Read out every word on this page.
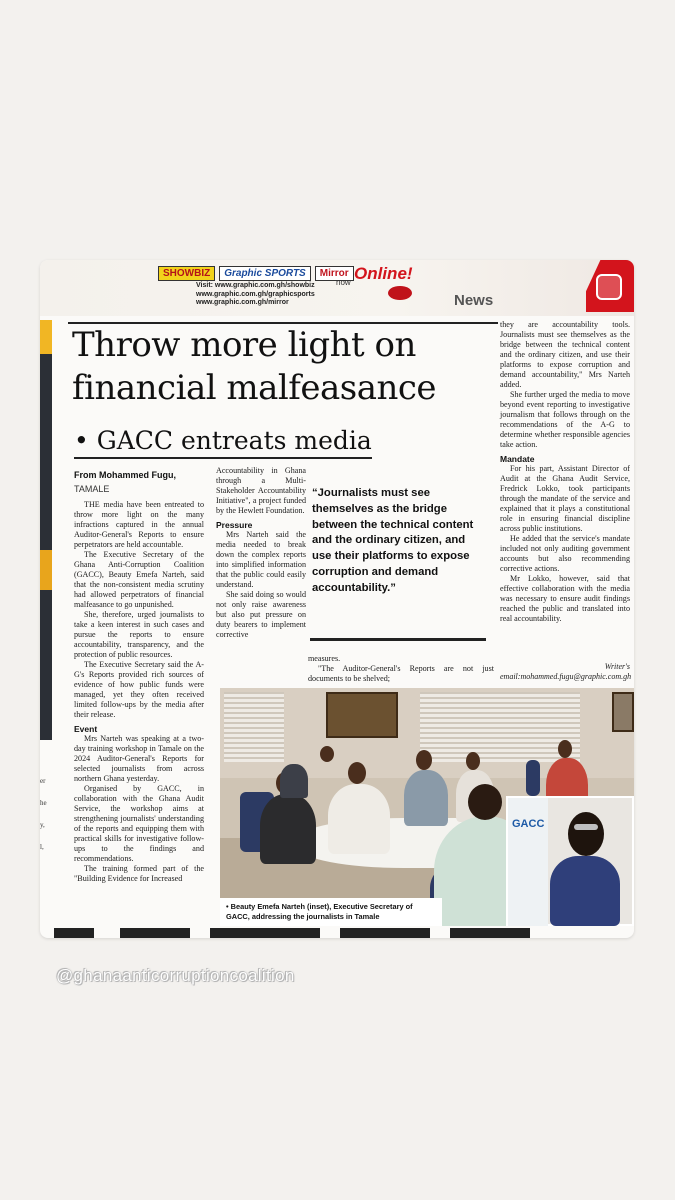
SHOWBIZ	Graphic SPORTS	Mirror
now Online!
Visit: www.graphic.com.gh/showbiz
www.graphic.com.gh/graphicsports
www.graphic.com.gh/mirror	News
er
he
y,
l,
Throw more light on
financial malfeasance
• GACC entreats media
From Mohammed Fugu,
TAMALE

THE media have been entreated to throw more light on the many infractions captured in the annual Auditor-General's Reports to ensure perpetrators are held accountable.

The Executive Secretary of the Ghana Anti-Corruption Coalition (GACC), Beauty Emefa Narteh, said that the non-consistent media scrutiny had allowed perpetrators of financial malfeasance to go unpunished.

She, therefore, urged journalists to take a keen interest in such cases and pursue the reports to ensure accountability, transparency, and the protection of public resources.

The Executive Secretary said the A-G's Reports provided rich sources of evidence of how public funds were managed, yet they often received limited follow-ups by the media after their release.

Event

Mrs Narteh was speaking at a two-day training workshop in Tamale on the 2024 Auditor-General's Reports for selected journalists from across northern Ghana yesterday.

Organised by GACC, in collaboration with the Ghana Audit Service, the workshop aims at strengthening journalists' understanding of the reports and equipping them with practical skills for investigative follow-ups to the findings and recommendations.

The training formed part of the "Building Evidence for Increased

Accountability in Ghana through a Multi-Stakeholder Accountability Initiative", a project funded by the Hewlett Foundation.

Pressure

Mrs Narteh said the media needed to break down the complex reports into simplified information that the public could easily understand.

She said doing so would not only raise awareness but also put pressure on duty bearers to implement corrective

“Journalists must see themselves as the bridge between the technical content and the ordinary citizen, and use their platforms to expose corruption and demand accountability.”

measures.

"The Auditor-General's Reports are not just documents to be shelved;

they are accountability tools. Journalists must see themselves as the bridge between the technical content and the ordinary citizen, and use their platforms to expose corruption and demand accountability," Mrs Narteh added.

She further urged the media to move beyond event reporting to investigative journalism that follows through on the recommendations of the A-G to determine whether responsible agencies take action.

Mandate

For his part, Assistant Director of Audit at the Ghana Audit Service, Fredrick Lokko, took participants through the mandate of the service and explained that it plays a constitutional role in ensuring financial discipline across public institutions.

He added that the service's mandate included not only auditing government accounts but also recommending corrective actions.

Mr Lokko, however, said that effective collaboration with the media was necessary to ensure audit findings reached the public and translated into real accountability.

Writer's
email:mohammed.fugu@graphic.com.gh
GACC
• Beauty Emefa Narteh (inset), Executive Secretary of GACC, addressing the journalists in Tamale
@ghanaanticorruptioncoalition
